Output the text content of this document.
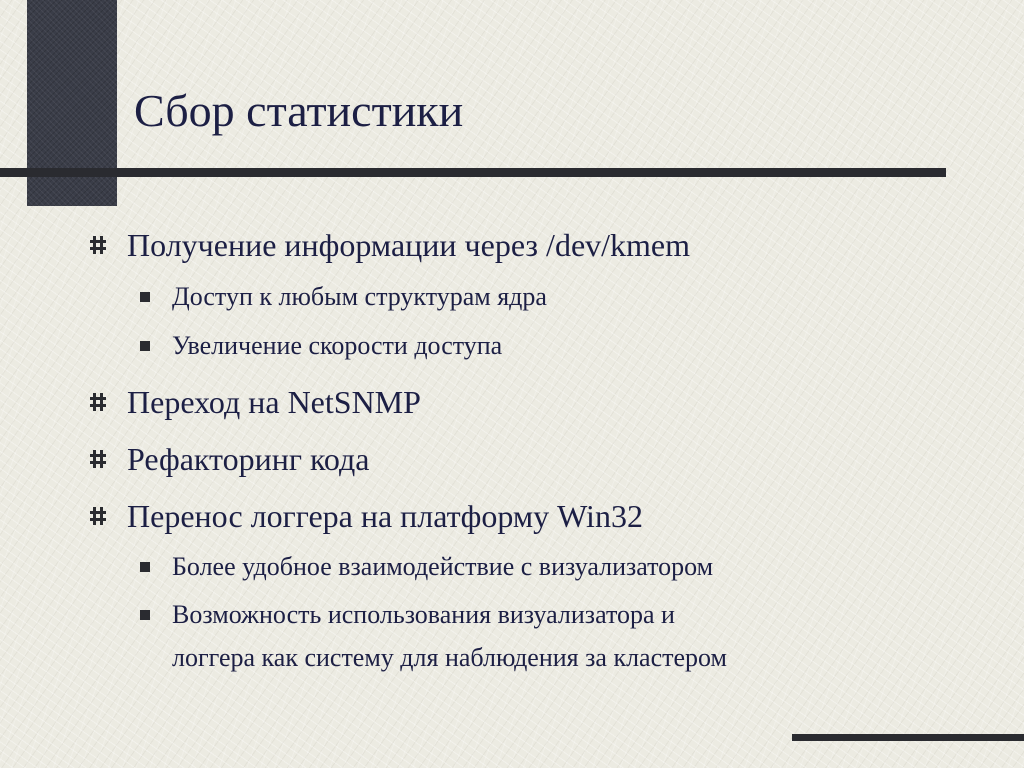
Сбор статистики
Получение информации через /dev/kmem
Доступ к любым структурам ядра
Увеличение скорости доступа
Переход на NetSNMP
Рефакторинг кода
Перенос логгера на платформу Win32
Более удобное взаимодействие с визуализатором
Возможность использования визуализатора и
логгера как систему для наблюдения за кластером
